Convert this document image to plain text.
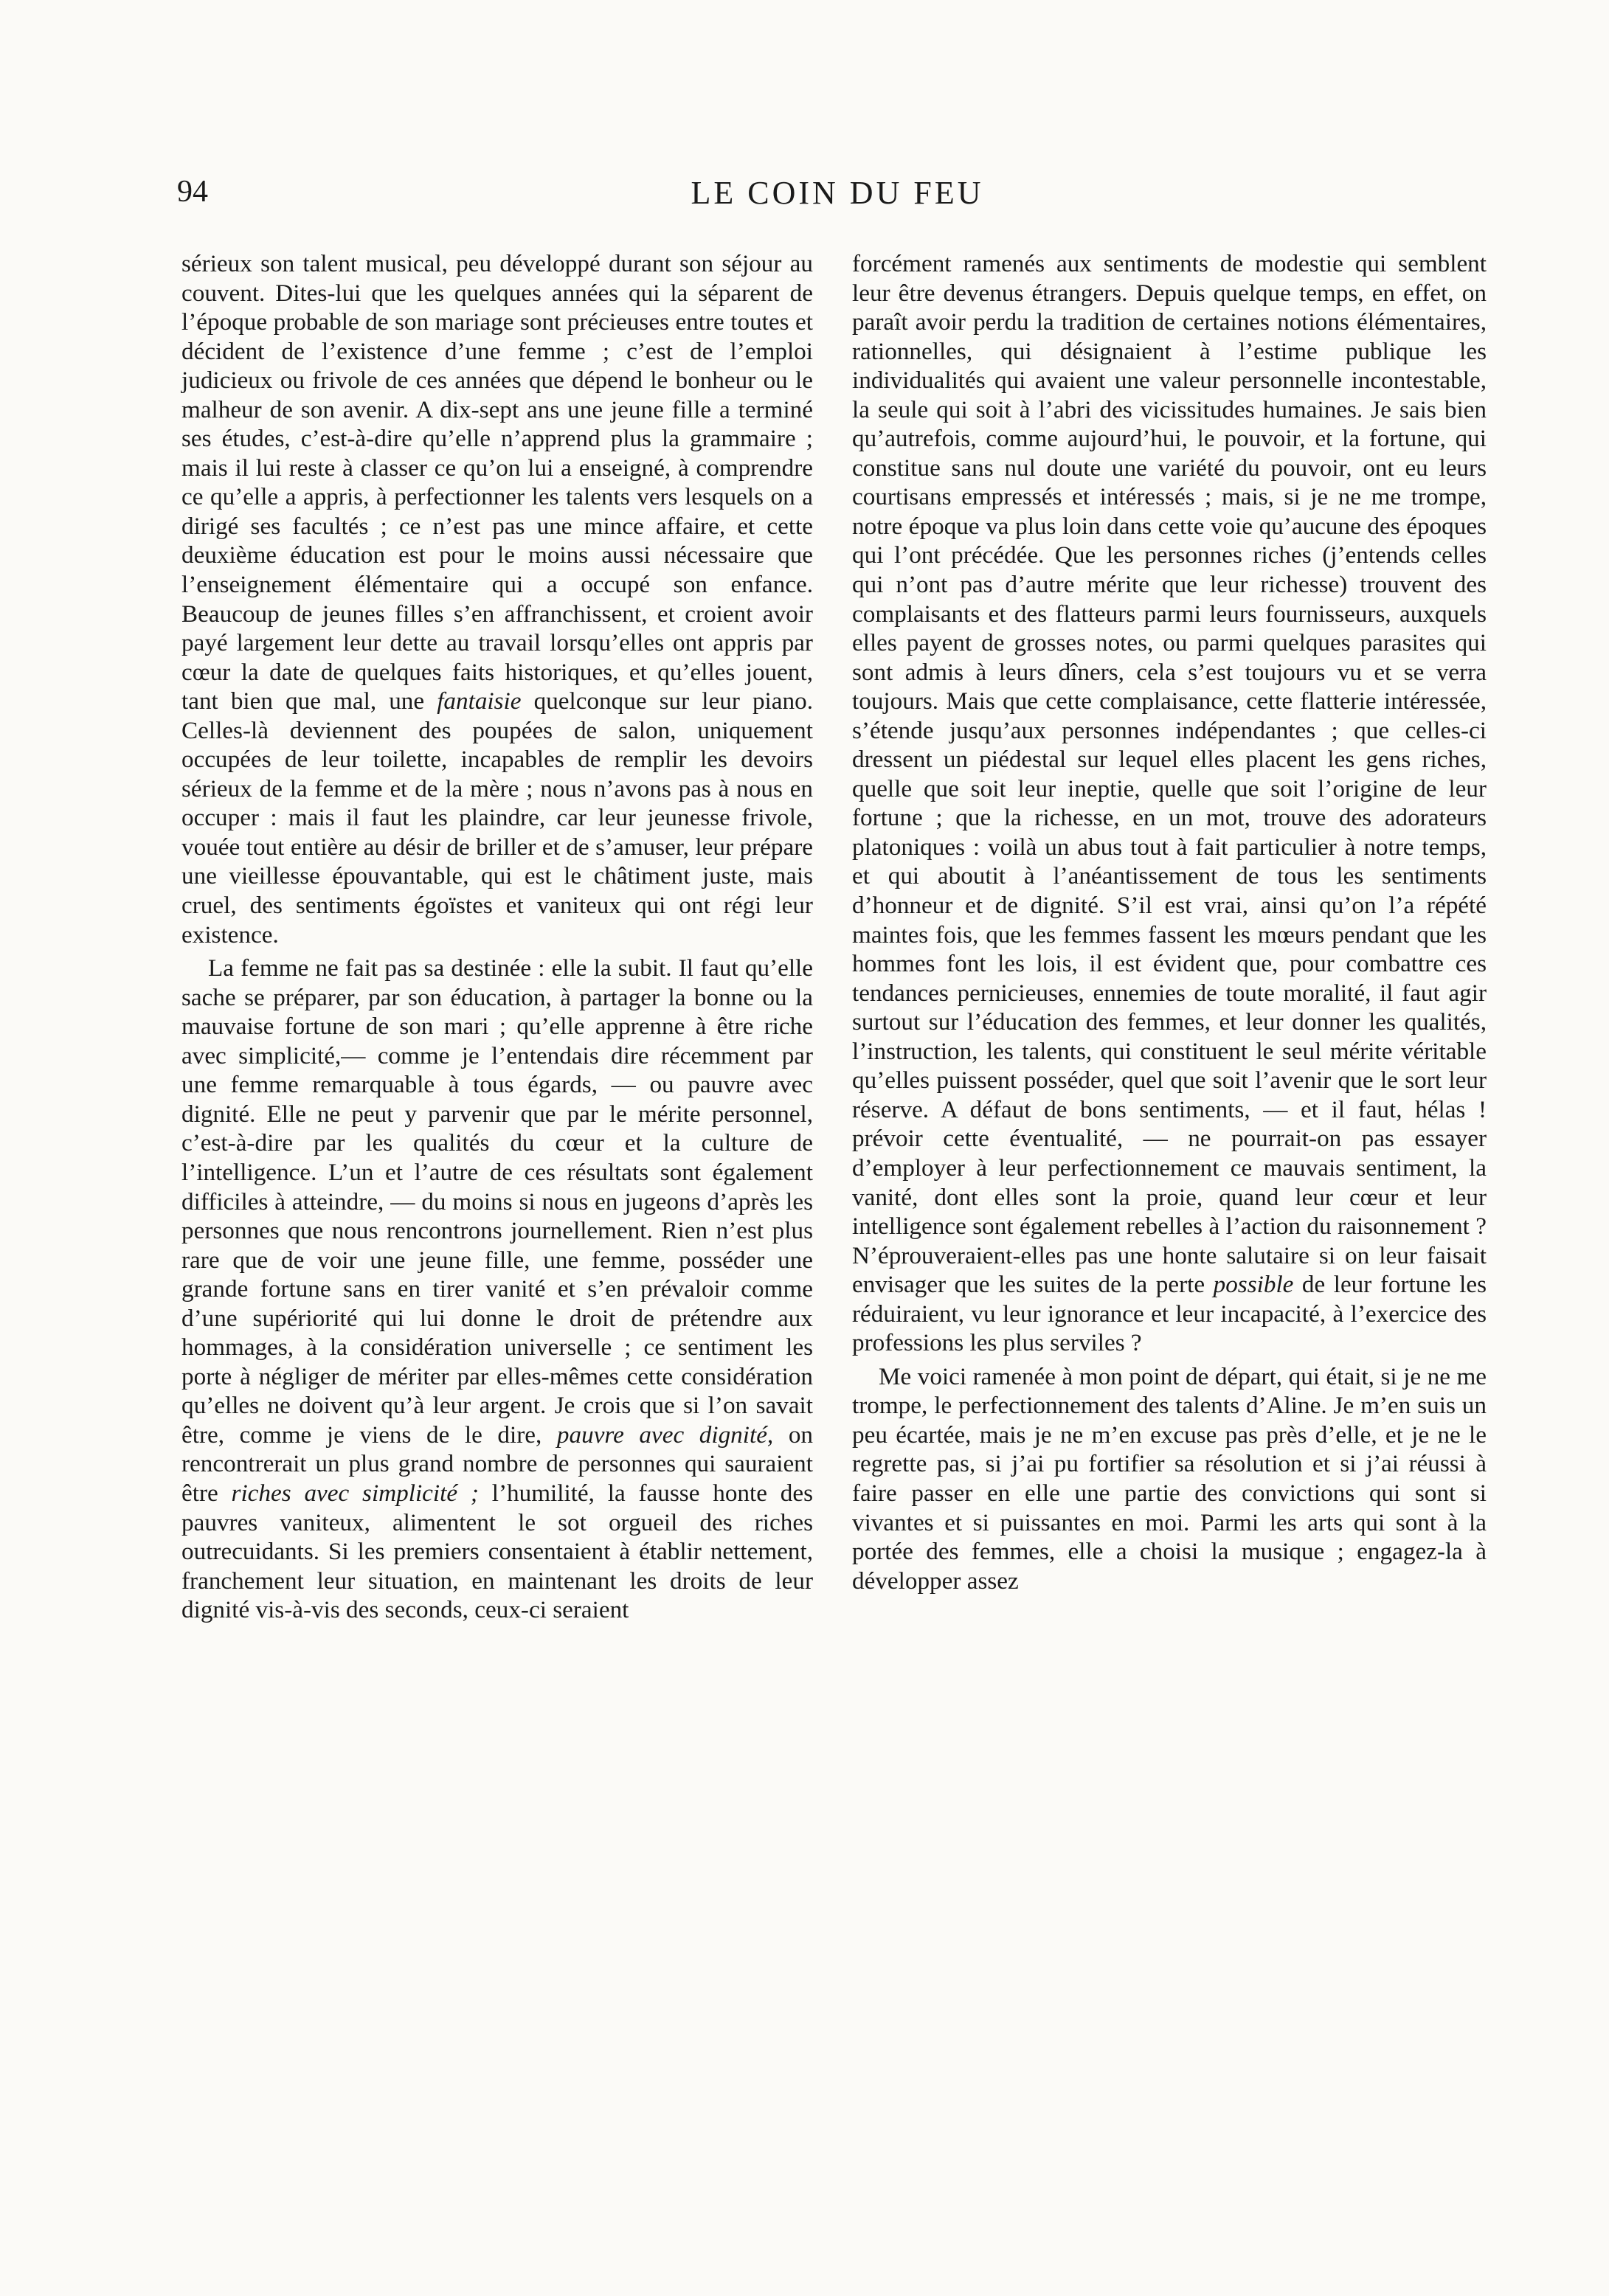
94	LE COIN DU FEU

sérieux son talent musical, peu développé durant son séjour au couvent. Dites-lui que les quelques années qui la séparent de l’époque probable de son mariage sont précieuses entre toutes et décident de l’existence d’une femme ; c’est de l’emploi judicieux ou frivole de ces années que dépend le bonheur ou le malheur de son avenir. A dix-sept ans une jeune fille a terminé ses études, c’est-à-dire qu’elle n’apprend plus la grammaire ; mais il lui reste à classer ce qu’on lui a enseigné, à comprendre ce qu’elle a appris, à perfectionner les talents vers lesquels on a dirigé ses facultés ; ce n’est pas une mince affaire, et cette deuxième éducation est pour le moins aussi nécessaire que l’enseignement élémentaire qui a occupé son enfance. Beaucoup de jeunes filles s’en affranchissent, et croient avoir payé largement leur dette au travail lorsqu’elles ont appris par cœur la date de quelques faits historiques, et qu’elles jouent, tant bien que mal, une fantaisie quelconque sur leur piano. Celles-là deviennent des poupées de salon, uniquement occupées de leur toilette, incapables de remplir les devoirs sérieux de la femme et de la mère ; nous n’avons pas à nous en occuper : mais il faut les plaindre, car leur jeunesse frivole, vouée tout entière au désir de briller et de s’amuser, leur prépare une vieillesse épouvantable, qui est le châtiment juste, mais cruel, des sentiments égoïstes et vaniteux qui ont régi leur existence.

La femme ne fait pas sa destinée : elle la subit. Il faut qu’elle sache se préparer, par son éducation, à partager la bonne ou la mauvaise fortune de son mari ; qu’elle apprenne à être riche avec simplicité,— comme je l’entendais dire récemment par une femme remarquable à tous égards, — ou pauvre avec dignité. Elle ne peut y parvenir que par le mérite personnel, c’est-à-dire par les qualités du cœur et la culture de l’intelligence. L’un et l’autre de ces résultats sont également difficiles à atteindre, — du moins si nous en jugeons d’après les personnes que nous rencontrons journellement. Rien n’est plus rare que de voir une jeune fille, une femme, posséder une grande fortune sans en tirer vanité et s’en prévaloir comme d’une supériorité qui lui donne le droit de prétendre aux hommages, à la considération universelle ; ce sentiment les porte à négliger de mériter par elles-mêmes cette considération qu’elles ne doivent qu’à leur argent. Je crois que si l’on savait être, comme je viens de le dire, pauvre avec dignité, on rencontrerait un plus grand nombre de personnes qui sauraient être riches avec simplicité ; l’humilité, la fausse honte des pauvres vaniteux, alimentent le sot orgueil des riches outrecuidants. Si les premiers consentaient à établir nettement, franchement leur situation, en maintenant les droits de leur dignité vis-à-vis des seconds, ceux-ci seraient

forcément ramenés aux sentiments de modestie qui semblent leur être devenus étrangers. Depuis quelque temps, en effet, on paraît avoir perdu la tradition de certaines notions élémentaires, rationnelles, qui désignaient à l’estime publique les individualités qui avaient une valeur personnelle incontestable, la seule qui soit à l’abri des vicissitudes humaines. Je sais bien qu’autrefois, comme aujourd’hui, le pouvoir, et la fortune, qui constitue sans nul doute une variété du pouvoir, ont eu leurs courtisans empressés et intéressés ; mais, si je ne me trompe, notre époque va plus loin dans cette voie qu’aucune des époques qui l’ont précédée. Que les personnes riches (j’entends celles qui n’ont pas d’autre mérite que leur richesse) trouvent des complaisants et des flatteurs parmi leurs fournisseurs, auxquels elles payent de grosses notes, ou parmi quelques parasites qui sont admis à leurs dîners, cela s’est toujours vu et se verra toujours. Mais que cette complaisance, cette flatterie intéressée, s’étende jusqu’aux personnes indépendantes ; que celles-ci dressent un piédestal sur lequel elles placent les gens riches, quelle que soit leur ineptie, quelle que soit l’origine de leur fortune ; que la richesse, en un mot, trouve des adorateurs platoniques : voilà un abus tout à fait particulier à notre temps, et qui aboutit à l’anéantissement de tous les sentiments d’honneur et de dignité. S’il est vrai, ainsi qu’on l’a répété maintes fois, que les femmes fassent les mœurs pendant que les hommes font les lois, il est évident que, pour combattre ces tendances pernicieuses, ennemies de toute moralité, il faut agir surtout sur l’éducation des femmes, et leur donner les qualités, l’instruction, les talents, qui constituent le seul mérite véritable qu’elles puissent posséder, quel que soit l’avenir que le sort leur réserve. A défaut de bons sentiments, — et il faut, hélas ! prévoir cette éventualité, — ne pourrait-on pas essayer d’employer à leur perfectionnement ce mauvais sentiment, la vanité, dont elles sont la proie, quand leur cœur et leur intelligence sont également rebelles à l’action du raisonnement ? N’éprouveraient-elles pas une honte salutaire si on leur faisait envisager que les suites de la perte possible de leur fortune les réduiraient, vu leur ignorance et leur incapacité, à l’exercice des professions les plus serviles ?

Me voici ramenée à mon point de départ, qui était, si je ne me trompe, le perfectionnement des talents d’Aline. Je m’en suis un peu écartée, mais je ne m’en excuse pas près d’elle, et je ne le regrette pas, si j’ai pu fortifier sa résolution et si j’ai réussi à faire passer en elle une partie des convictions qui sont si vivantes et si puissantes en moi. Parmi les arts qui sont à la portée des femmes, elle a choisi la musique ; engagez-la à développer assez
